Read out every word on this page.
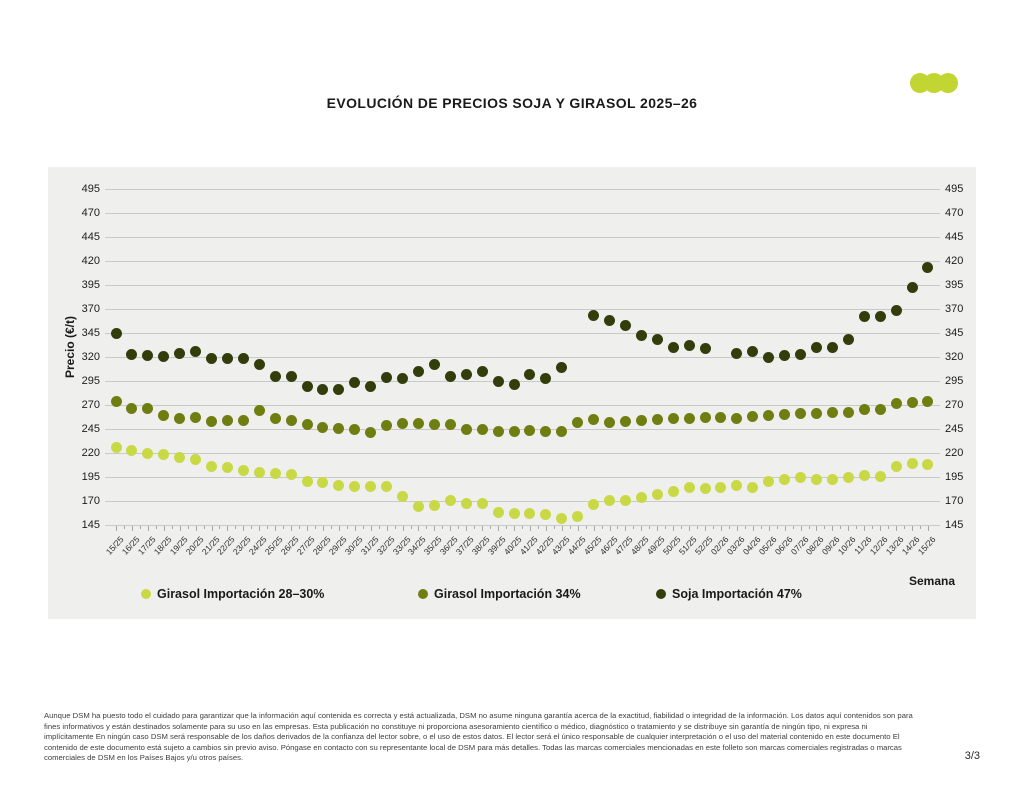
EVOLUCIÓN DE PRECIOS SOJA Y GIRASOL 2025–26
145	145
170	170
195	195
220	220
245	245
270	270
295	295
320	320
345	345
370	370
395	395
420	420
445	445
470	470
495	495
15/25
16/25
17/25
18/25
19/25
20/25
21/25
22/25
23/25
24/25
25/25
26/25
27/25
28/25
29/25
30/25
31/25
32/25
33/25
34/25
35/25
36/25
37/25
38/25
39/25
40/25
41/25
42/25
43/25
44/25
45/25
46/25
47/25
48/25
49/25
50/25
51/25
52/25
02/26
03/26
04/26
05/26
06/26
07/26
08/26
09/26
10/26
11/26
12/26
13/26
14/26
15/26
Precio (€/t)
Semana
Girasol Importación 28–30%	Girasol Importación 34%	Soja Importación 47%
Aunque DSM ha puesto todo el cuidado para garantizar que la información aquí contenida es correcta y está actualizada, DSM no asume ninguna garantía acerca de la exactitud, fiabilidad o integridad de la información. Los datos aquí contenidos son para
fines informativos y están destinados solamente para su uso en las empresas. Esta publicación no constituye ni proporciona asesoramiento científico o médico, diagnóstico o tratamiento y se distribuye sin garantía de ningún tipo, ni expresa ni
implícitamente En ningún caso DSM será responsable de los daños derivados de la confianza del lector sobre, o el uso de estos datos. El lector será el único responsable de cualquier interpretación o el uso del material contenido en este documento El
contenido de este documento está sujeto a cambios sin previo aviso. Póngase en contacto con su representante local de DSM para más detalles. Todas las marcas comerciales mencionadas en este folleto son marcas comerciales registradas o marcas
comerciales de DSM en los Países Bajos y/u otros países.	3/3
